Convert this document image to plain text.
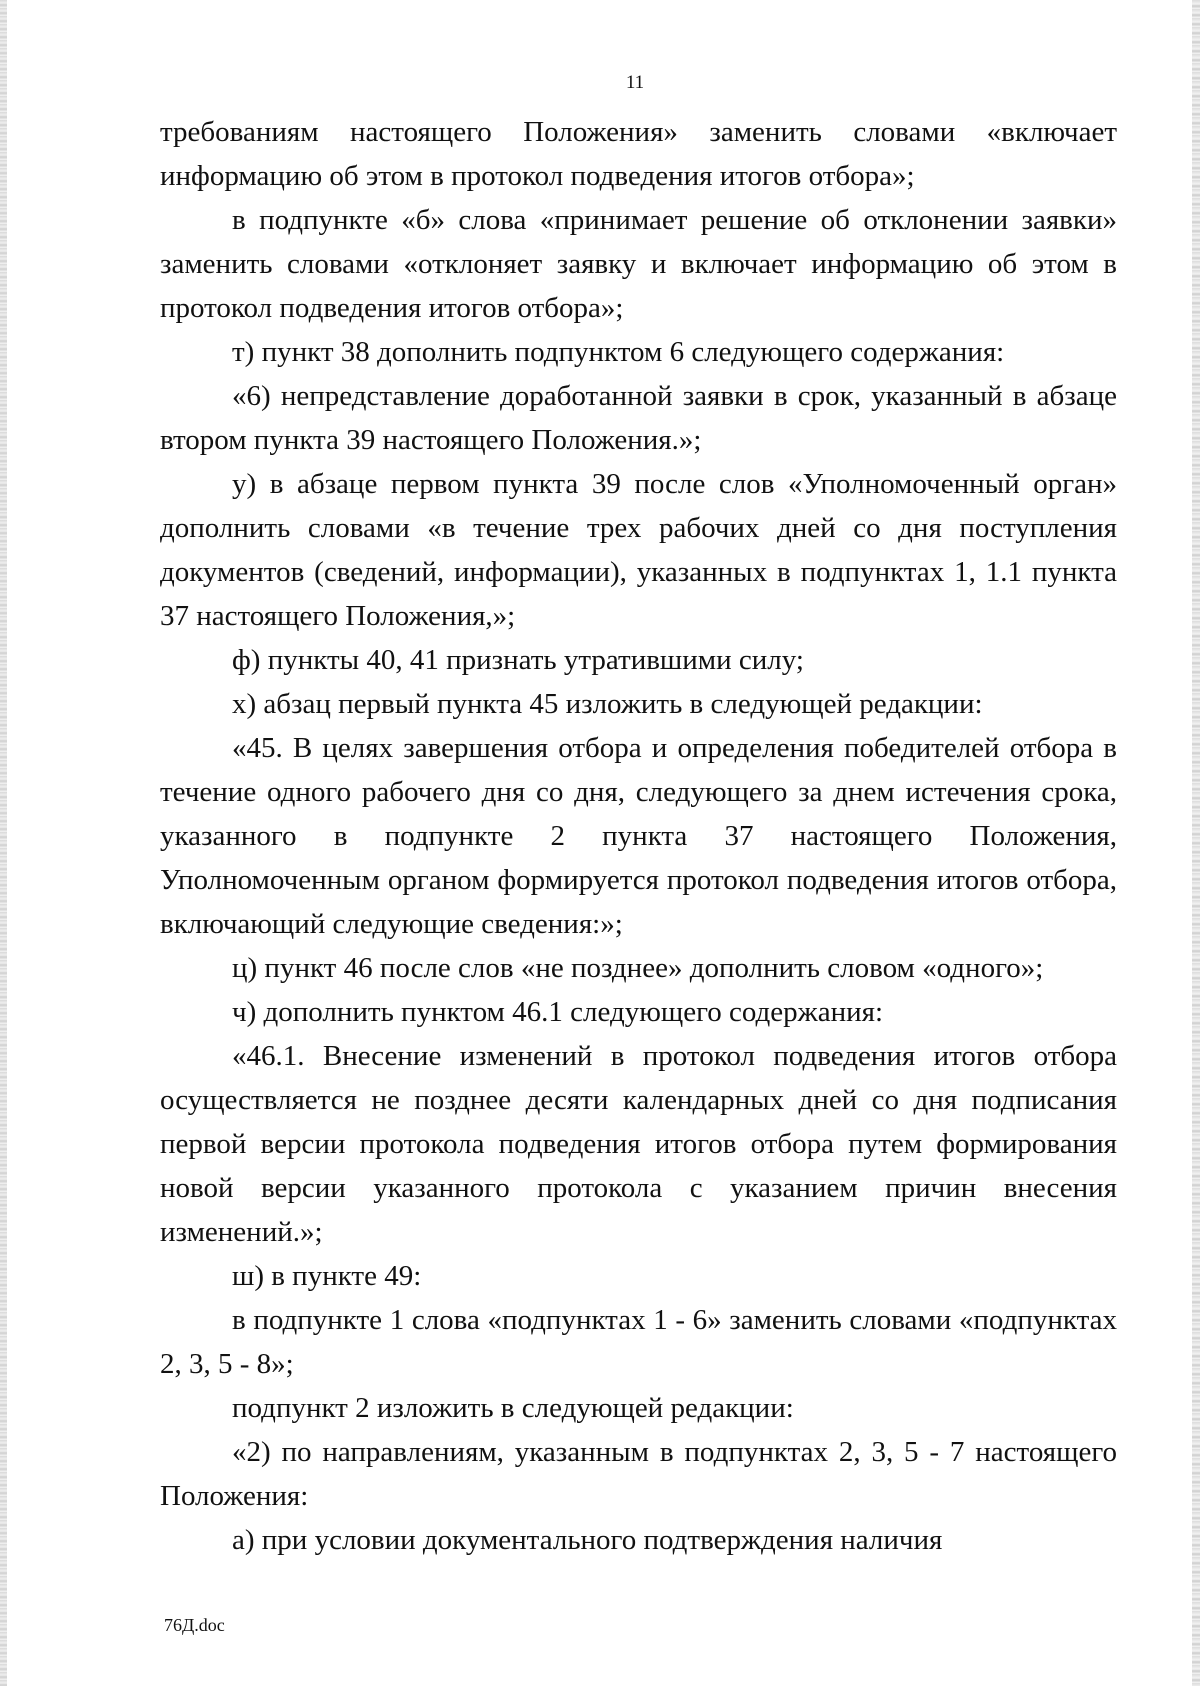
11

требованиям настоящего Положения» заменить словами «включает информацию об этом в протокол подведения итогов отбора»;

в подпункте «б» слова «принимает решение об отклонении заявки» заменить словами «отклоняет заявку и включает информацию об этом в протокол подведения итогов отбора»;

т) пункт 38 дополнить подпунктом 6 следующего содержания:

«6) непредставление доработанной заявки в срок, указанный в абзаце втором пункта 39 настоящего Положения.»;

у) в абзаце первом пункта 39 после слов «Уполномоченный орган» дополнить словами «в течение трех рабочих дней со дня поступления документов (сведений, информации), указанных в подпунктах 1, 1.1 пункта 37 настоящего Положения,»;

ф) пункты 40, 41 признать утратившими силу;

х) абзац первый пункта 45 изложить в следующей редакции:

«45. В целях завершения отбора и определения победителей отбора в течение одного рабочего дня со дня, следующего за днем истечения срока, указанного в подпункте 2 пункта 37 настоящего Положения, Уполномоченным органом формируется протокол подведения итогов отбора, включающий следующие сведения:»;

ц) пункт 46 после слов «не позднее» дополнить словом «одного»;

ч) дополнить пунктом 46.1 следующего содержания:

«46.1. Внесение изменений в протокол подведения итогов отбора осуществляется не позднее десяти календарных дней со дня подписания первой версии протокола подведения итогов отбора путем формирования новой версии указанного протокола с указанием причин внесения изменений.»;

ш) в пункте 49:

в подпункте 1 слова «подпунктах 1 - 6» заменить словами «подпунктах 2, 3, 5 - 8»;

подпункт 2 изложить в следующей редакции:

«2) по направлениям, указанным в подпунктах 2, 3, 5 - 7 настоящего Положения:

а) при условии документального подтверждения наличия

76Д.doc
